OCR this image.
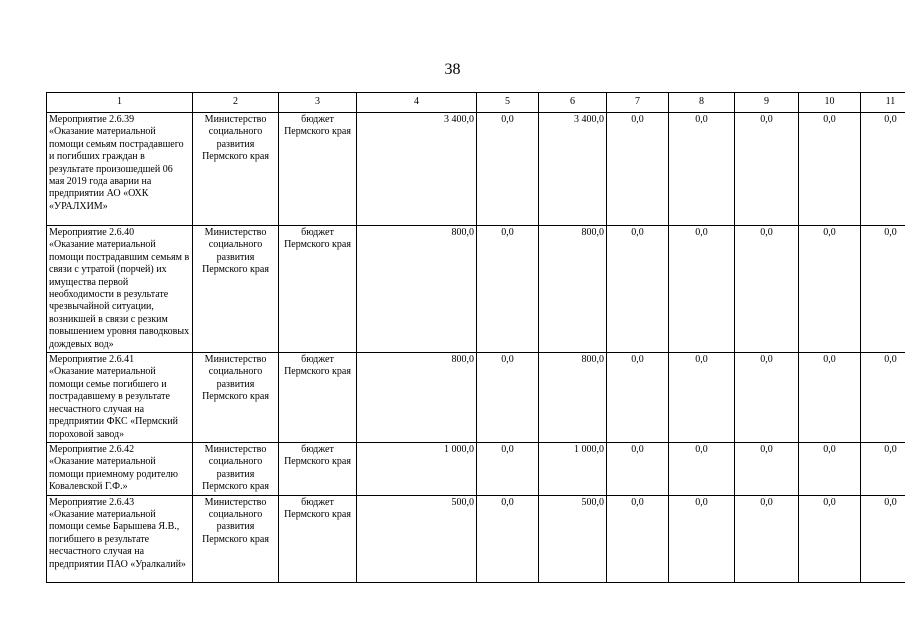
38
1	2	3	4	5	6	7	8	9	10	11

Мероприятие 2.6.39
«Оказание материальной помощи семьям пострадавшего и погибших граждан в результате произошедшей 06 мая 2019 года аварии на предприятии АО «ОХК «УРАЛХИМ»	Министерство социального развития Пермского края	бюджет Пермского края	3 400,0	0,0	3 400,0	0,0	0,0	0,0	0,0	0,0

Мероприятие 2.6.40
«Оказание материальной помощи пострадавшим семьям в связи с утратой (порчей) их имущества первой необходимости в результате чрезвычайной ситуации, возникшей в связи с резким повышением уровня паводковых дождевых вод»	Министерство социального развития Пермского края	бюджет Пермского края	800,0	0,0	800,0	0,0	0,0	0,0	0,0	0,0

Мероприятие 2.6.41
«Оказание материальной помощи семье погибшего и пострадавшему в результате несчастного случая на предприятии ФКС «Пермский пороховой завод»	Министерство социального развития Пермского края	бюджет Пермского края	800,0	0,0	800,0	0,0	0,0	0,0	0,0	0,0

Мероприятие 2.6.42
«Оказание материальной помощи приемному родителю Ковалевской Г.Ф.»	Министерство социального развития Пермского края	бюджет Пермского края	1 000,0	0,0	1 000,0	0,0	0,0	0,0	0,0	0,0

Мероприятие 2.6.43
«Оказание материальной помощи семье Барышева Я.В., погибшего в результате несчастного случая на предприятии ПАО «Уралкалий»	Министерство социального развития Пермского края	бюджет Пермского края	500,0	0,0	500,0	0,0	0,0	0,0	0,0	0,0
